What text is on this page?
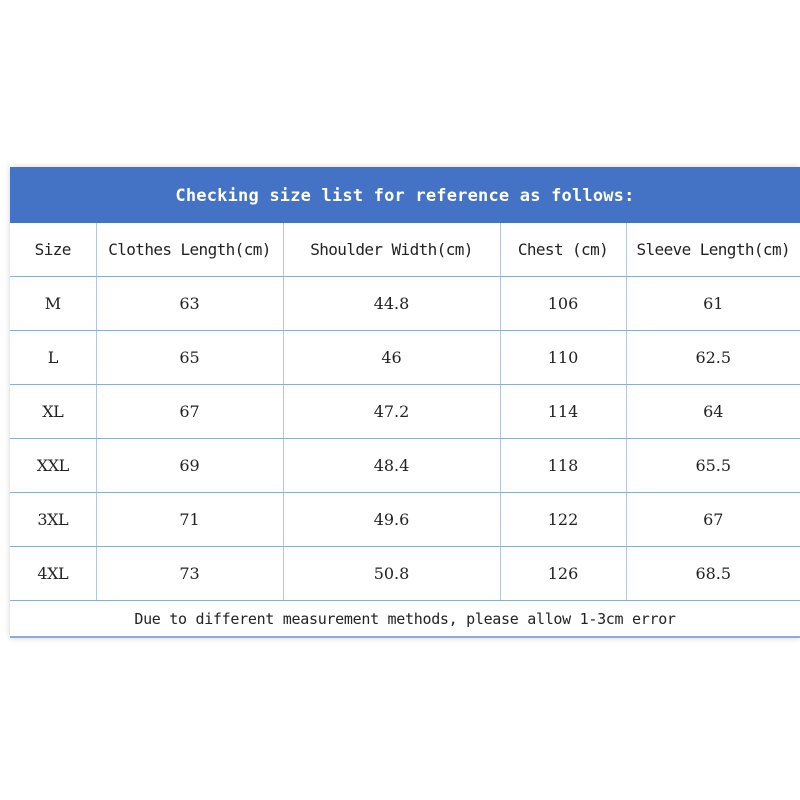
Checking size list for reference as follows:
Size	Clothes Length(cm)	Shoulder Width(cm)	Chest (cm)	Sleeve Length(cm)
M	63	44.8	106	61
L	65	46	110	62.5
XL	67	47.2	114	64
XXL	69	48.4	118	65.5
3XL	71	49.6	122	67
4XL	73	50.8	126	68.5
Due to different measurement methods, please allow 1-3cm error
